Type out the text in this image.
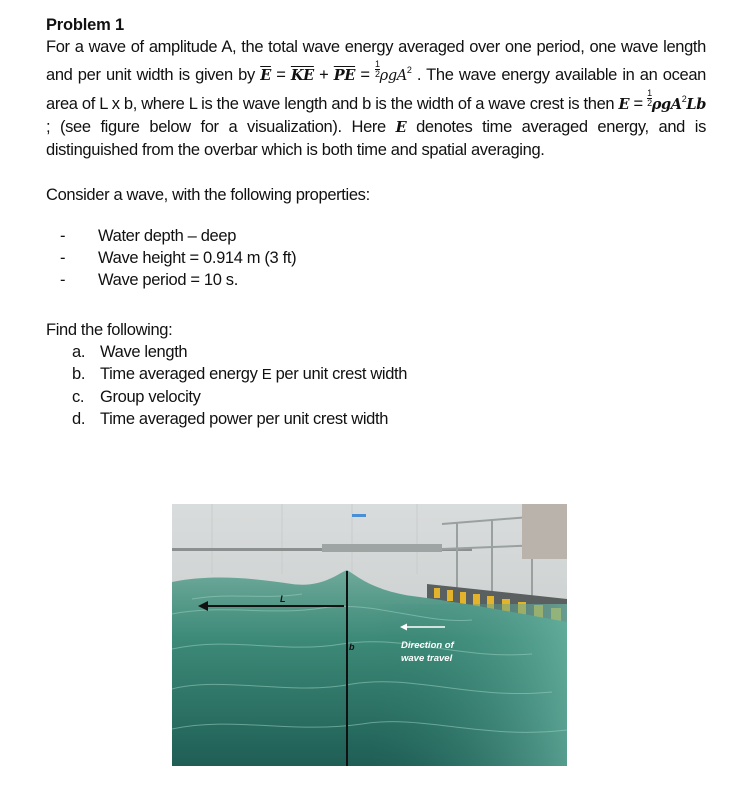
Problem 1
For a wave of amplitude A, the total wave energy averaged over one period, one wave length and per unit width is given by $\overline{E} = \overline{KE} + \overline{PE} = \frac{1}{2} \rho gA^2$ . The wave energy available in an ocean area of L x b, where L is the wave length and b is the width of a wave crest is then $E = \frac{1}{2} \rho gA^2Lb$ ; (see figure below for a visualization). Here E denotes time averaged energy, and is distinguished from the overbar which is both time and spatial averaging.
Consider a wave, with the following properties:
- Water depth – deep
- Wave height = 0.914 m (3 ft)
- Wave period = 10 s.
Find the following:
a. Wave length
b. Time averaged energy E per unit crest width
c. Group velocity
d. Time averaged power per unit crest width
L
b	Direction of
wave travel
